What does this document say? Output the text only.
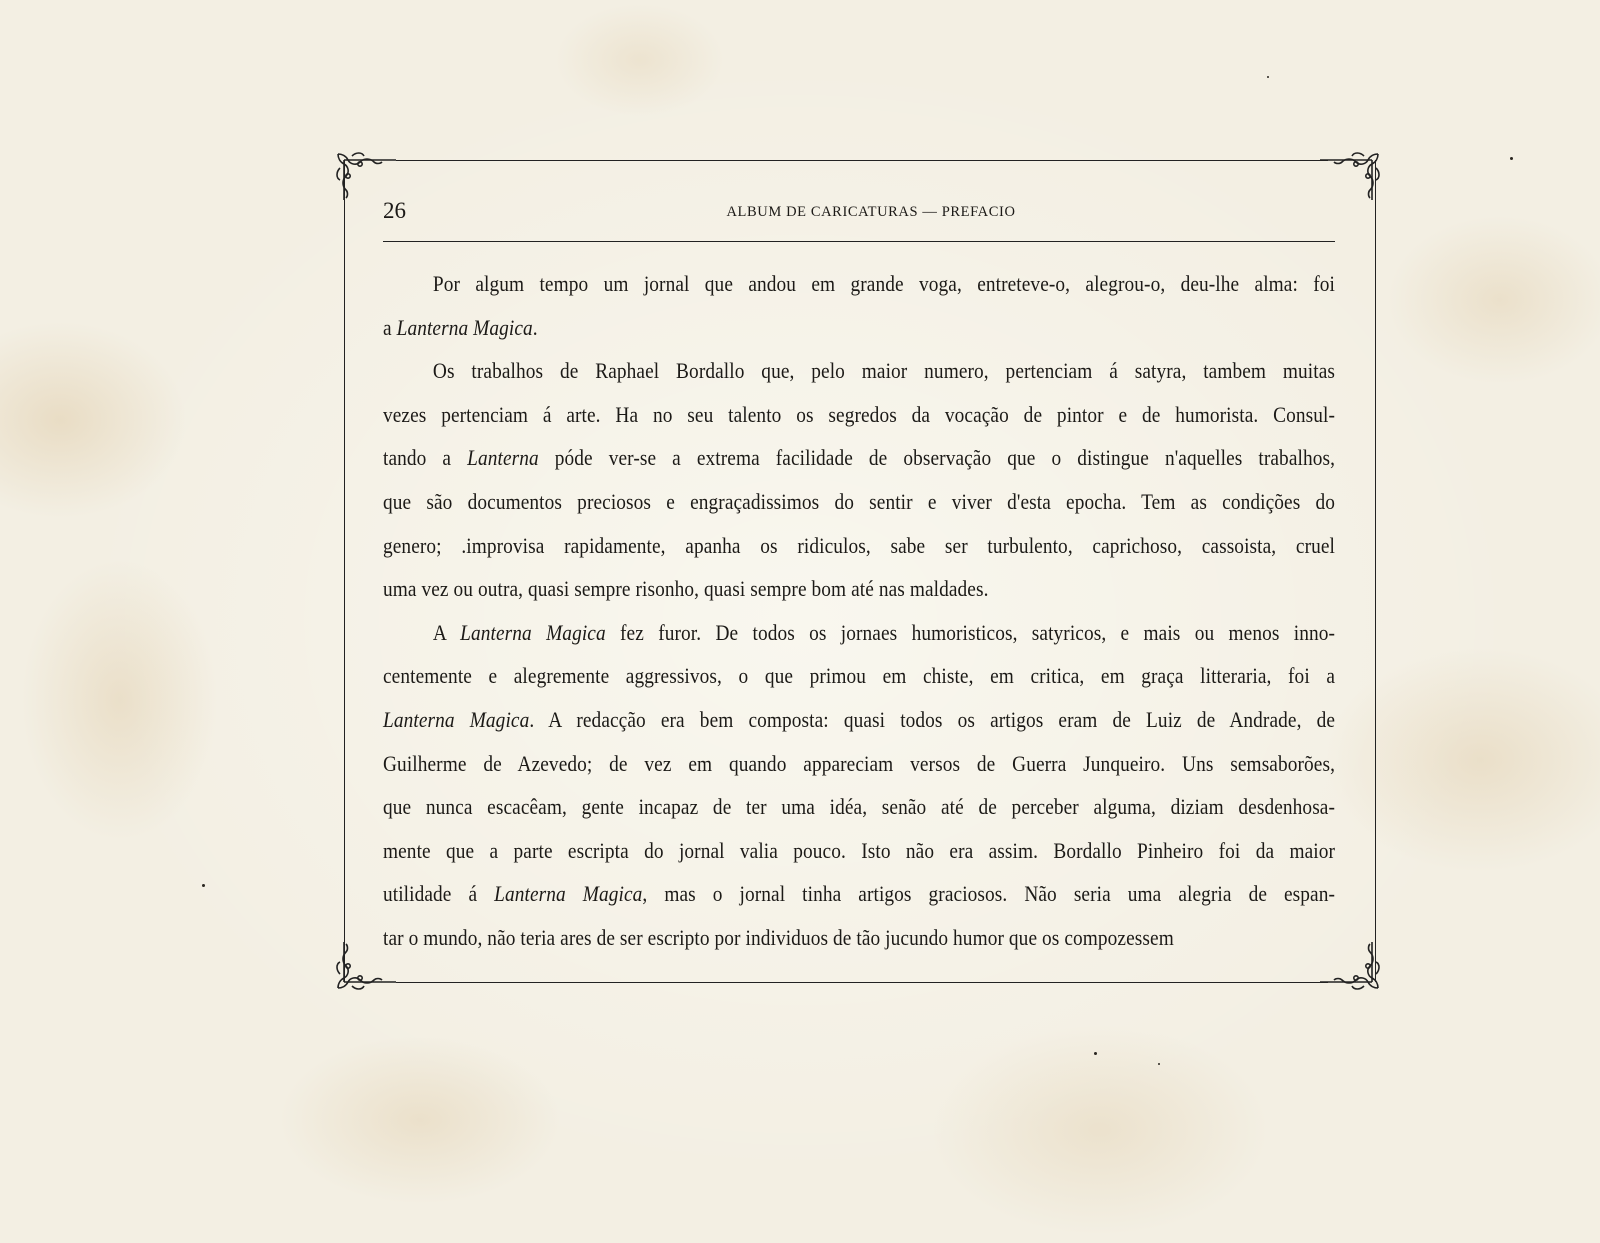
26	ALBUM DE CARICATURAS — PREFACIO
Por algum tempo um jornal que andou em grande voga, entreteve-o, alegrou-o, deu-lhe alma: foi
a Lanterna Magica.
Os trabalhos de Raphael Bordallo que, pelo maior numero, pertenciam á satyra, tambem muitas
vezes pertenciam á arte. Ha no seu talento os segredos da vocação de pintor e de humorista. Consul-
tando a Lanterna póde ver-se a extrema facilidade de observação que o distingue n'aquelles trabalhos,
que são documentos preciosos e engraçadissimos do sentir e viver d'esta epocha. Tem as condições do
genero; .improvisa rapidamente, apanha os ridiculos, sabe ser turbulento, caprichoso, cassoista, cruel
uma vez ou outra, quasi sempre risonho, quasi sempre bom até nas maldades.
A Lanterna Magica fez furor. De todos os jornaes humoristicos, satyricos, e mais ou menos inno-
centemente e alegremente aggressivos, o que primou em chiste, em critica, em graça litteraria, foi a
Lanterna Magica. A redacção era bem composta: quasi todos os artigos eram de Luiz de Andrade, de
Guilherme de Azevedo; de vez em quando appareciam versos de Guerra Junqueiro. Uns semsaborões,
que nunca escacêam, gente incapaz de ter uma idéa, senão até de perceber alguma, diziam desdenhosa-
mente que a parte escripta do jornal valia pouco. Isto não era assim. Bordallo Pinheiro foi da maior
utilidade á Lanterna Magica, mas o jornal tinha artigos graciosos. Não seria uma alegria de espan-
tar o mundo, não teria ares de ser escripto por individuos de tão jucundo humor que os compozessem
